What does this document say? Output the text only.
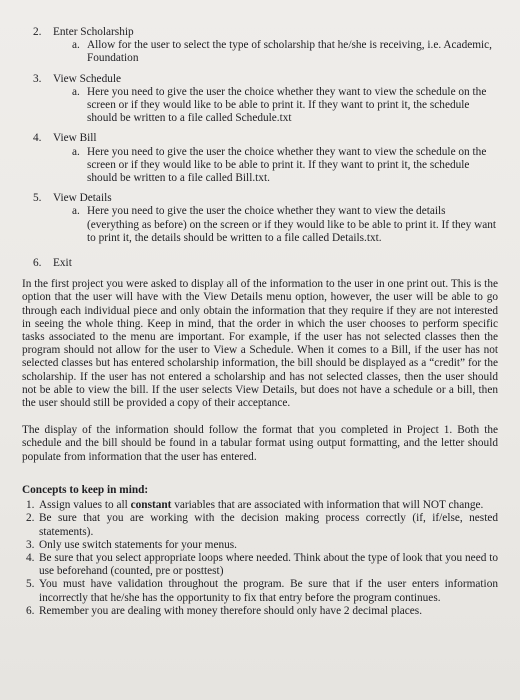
2. Enter Scholarship
a. Allow for the user to select the type of scholarship that he/she is receiving, i.e. Academic, Foundation
3. View Schedule
a. Here you need to give the user the choice whether they want to view the schedule on the screen or if they would like to be able to print it. If they want to print it, the schedule should be written to a file called Schedule.txt
4. View Bill
a. Here you need to give the user the choice whether they want to view the schedule on the screen or if they would like to be able to print it. If they want to print it, the schedule should be written to a file called Bill.txt.
5. View Details
a. Here you need to give the user the choice whether they want to view the details (everything as before) on the screen or if they would like to be able to print it. If they want to print it, the details should be written to a file called Details.txt.
6. Exit

In the first project you were asked to display all of the information to the user in one print out. This is the option that the user will have with the View Details menu option, however, the user will be able to go through each individual piece and only obtain the information that they require if they are not interested in seeing the whole thing. Keep in mind, that the order in which the user chooses to perform specific tasks associated to the menu are important. For example, if the user has not selected classes then the program should not allow for the user to View a Schedule. When it comes to a Bill, if the user has not selected classes but has entered scholarship information, the bill should be displayed as a “credit” for the scholarship. If the user has not entered a scholarship and has not selected classes, then the user should not be able to view the bill. If the user selects View Details, but does not have a schedule or a bill, then the user should still be provided a copy of their acceptance.

The display of the information should follow the format that you completed in Project 1. Both the schedule and the bill should be found in a tabular format using output formatting, and the letter should populate from information that the user has entered.

Concepts to keep in mind:

1. Assign values to all constant variables that are associated with information that will NOT change.
2. Be sure that you are working with the decision making process correctly (if, if/else, nested statements).
3. Only use switch statements for your menus.
4. Be sure that you select appropriate loops where needed. Think about the type of look that you need to use beforehand (counted, pre or posttest)
5. You must have validation throughout the program. Be sure that if the user enters information incorrectly that he/she has the opportunity to fix that entry before the program continues.
6. Remember you are dealing with money therefore should only have 2 decimal places.
